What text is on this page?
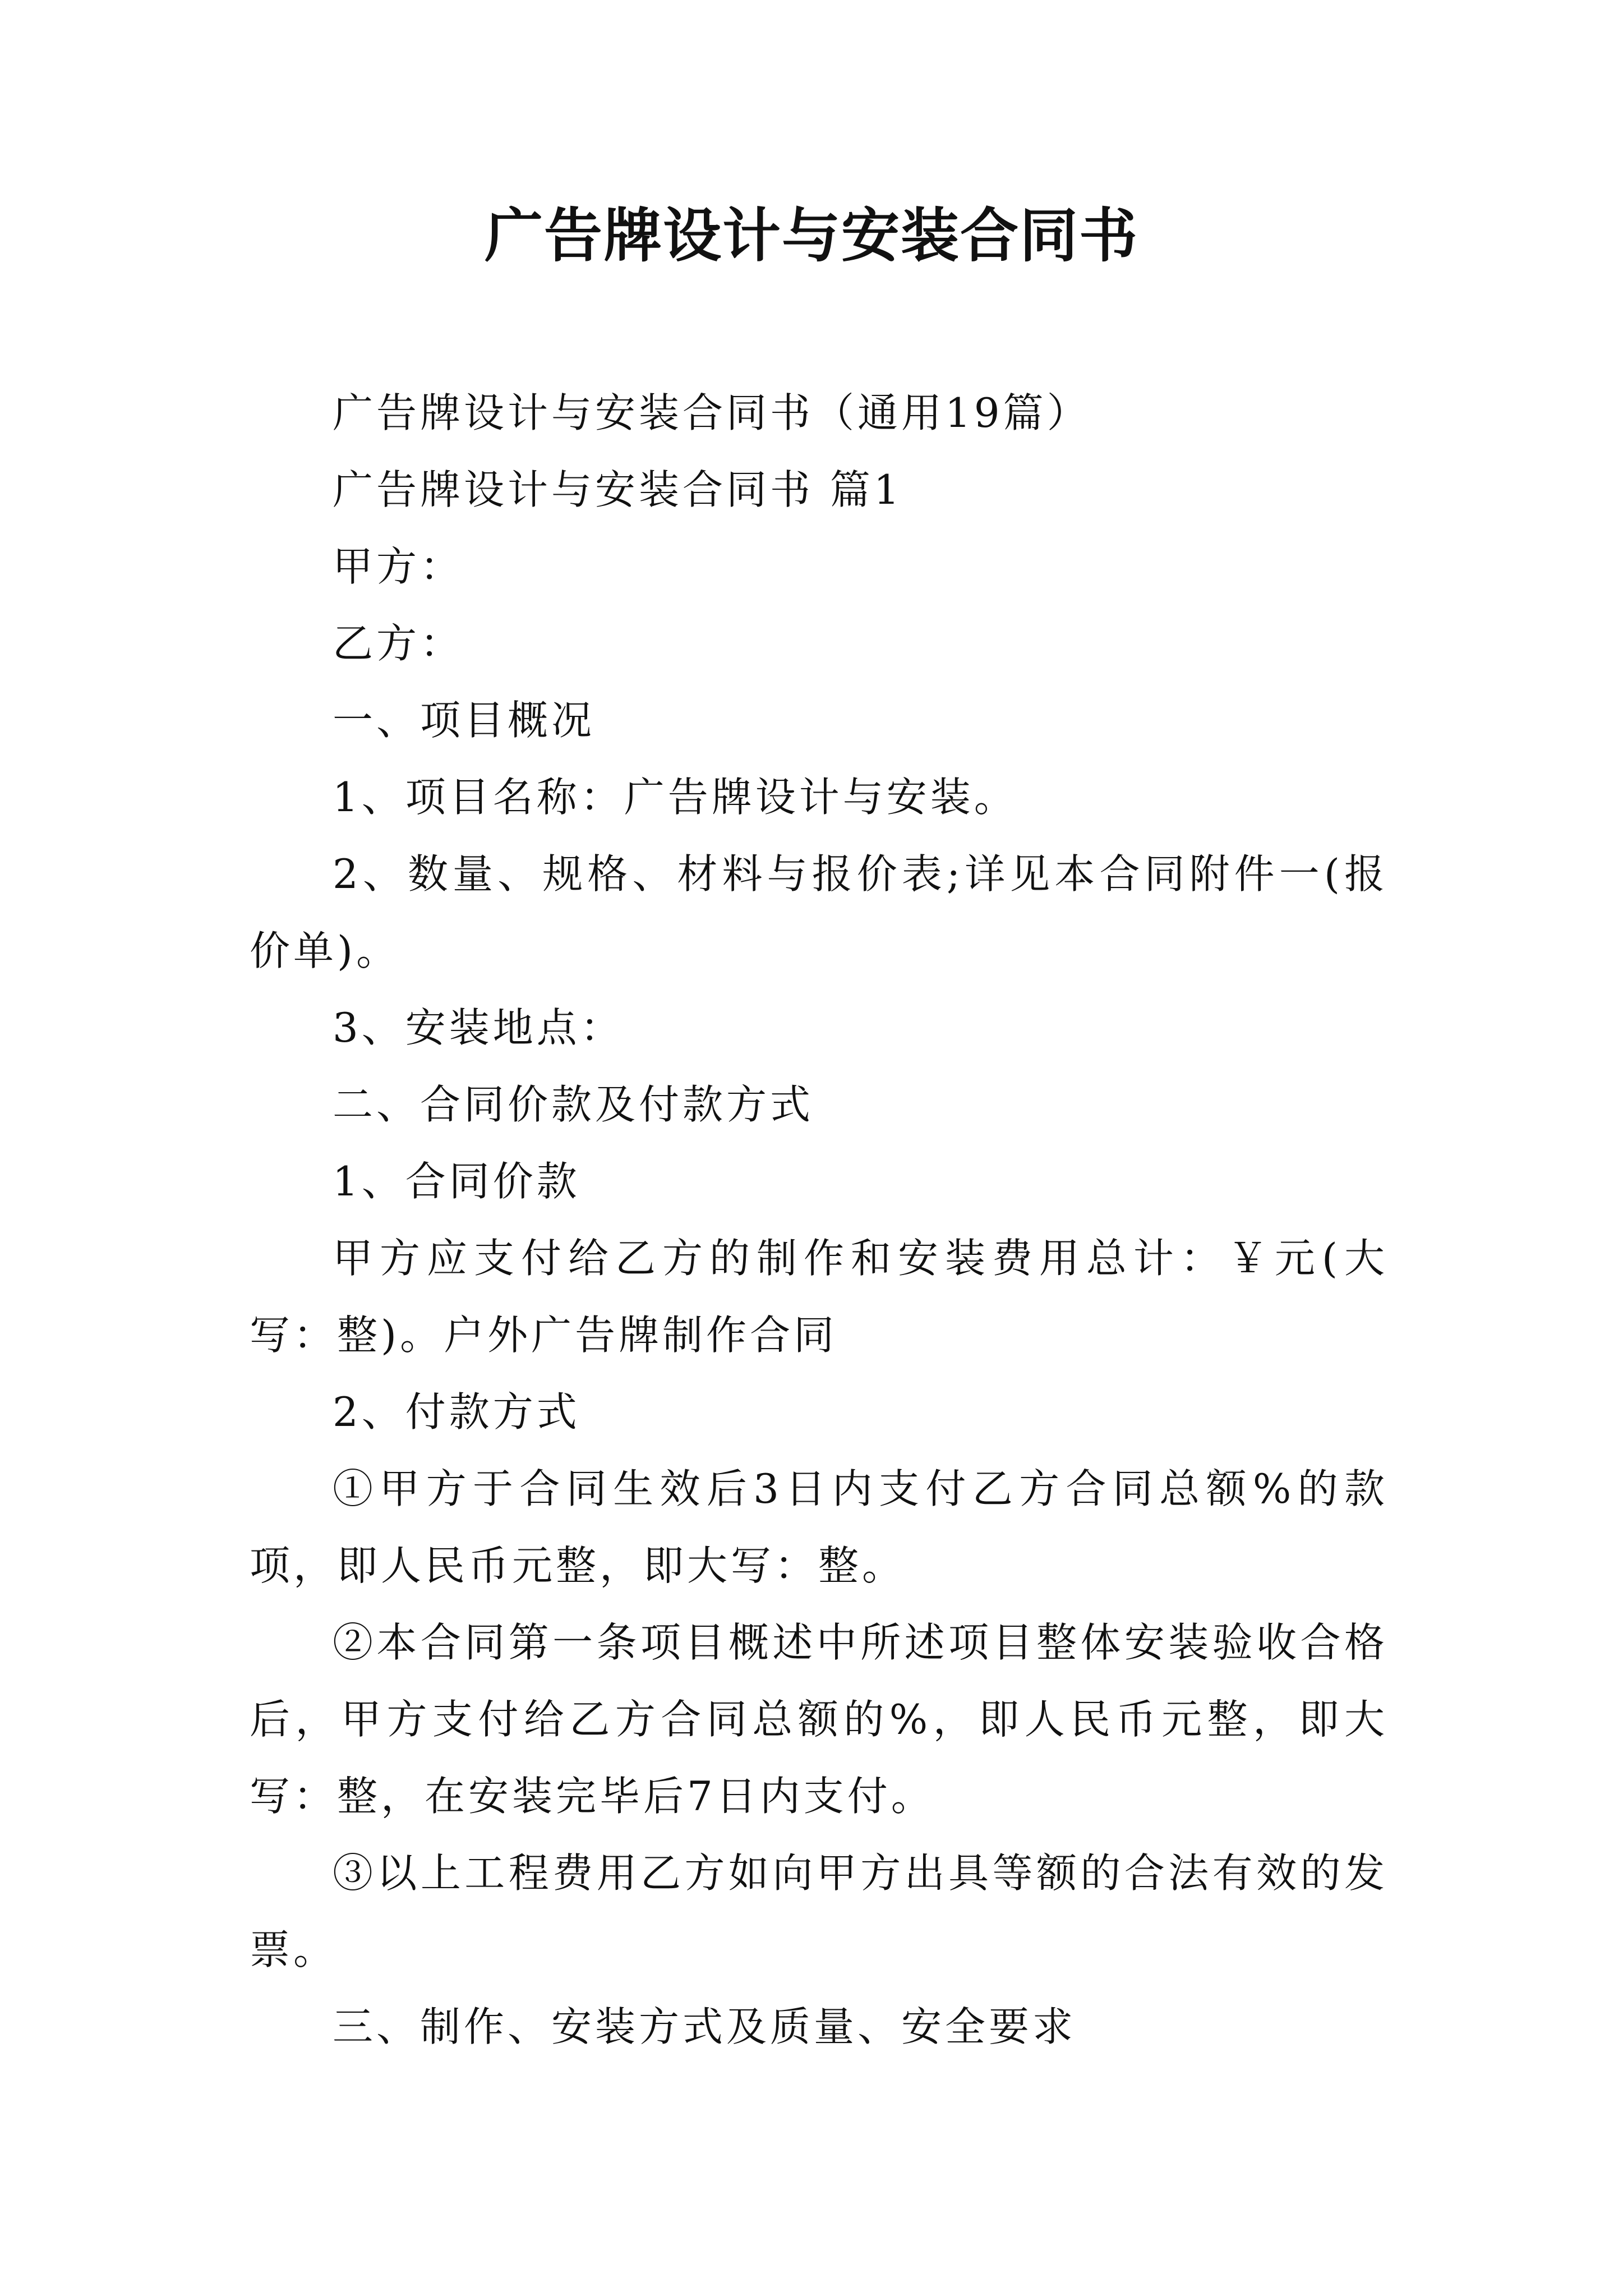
广告牌设计与安装合同书

广告牌设计与安装合同书（通用19篇）

广告牌设计与安装合同书 篇1

甲方：

乙方：

一、项目概况

1、项目名称：广告牌设计与安装。

2、数量、规格、材料与报价表;详见本合同附件一(报价单)。

3、安装地点：

二、合同价款及付款方式

1、合同价款

甲方应支付给乙方的制作和安装费用总计：￥元(大写：整)。户外广告牌制作合同

2、付款方式

①甲方于合同生效后3日内支付乙方合同总额%的款项，即人民币元整，即大写：整。

②本合同第一条项目概述中所述项目整体安装验收合格后，甲方支付给乙方合同总额的%，即人民币元整，即大写：整，在安装完毕后7日内支付。

③以上工程费用乙方如向甲方出具等额的合法有效的发票。

三、制作、安装方式及质量、安全要求
